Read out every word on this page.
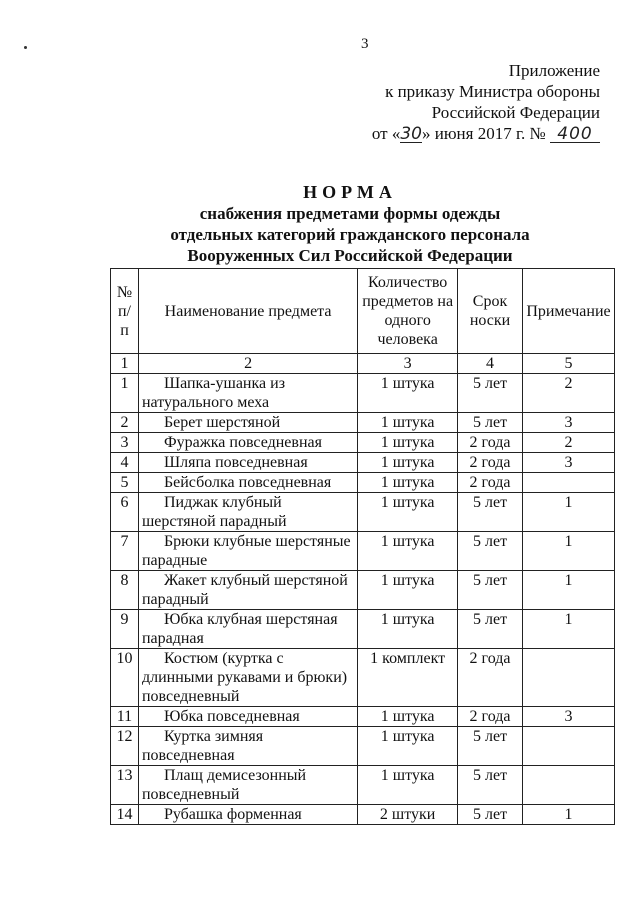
3
Приложение
к приказу Министра обороны
Российской Федерации
от «30» июня 2017 г. № 400
НОРМА
снабжения предметами формы одежды
отдельных категорий гражданского персонала
Вооруженных Сил Российской Федерации
№ п/п	Наименование предмета	Количество предметов на одного человека	Срок носки	Примечание
1	2	3	4	5
1	Шапка-ушанка из натурального меха	1 штука	5 лет	2
2	Берет шерстяной	1 штука	5 лет	3
3	Фуражка повседневная	1 штука	2 года	2
4	Шляпа повседневная	1 штука	2 года	3
5	Бейсболка повседневная	1 штука	2 года	
6	Пиджак клубный шерстяной парадный	1 штука	5 лет	1
7	Брюки клубные шерстяные парадные	1 штука	5 лет	1
8	Жакет клубный шерстяной парадный	1 штука	5 лет	1
9	Юбка клубная шерстяная парадная	1 штука	5 лет	1
10	Костюм (куртка с длинными рукавами и брюки) повседневный	1 комплект	2 года	
11	Юбка повседневная	1 штука	2 года	3
12	Куртка зимняя повседневная	1 штука	5 лет	
13	Плащ демисезонный повседневный	1 штука	5 лет	
14	Рубашка форменная	2 штуки	5 лет	1
